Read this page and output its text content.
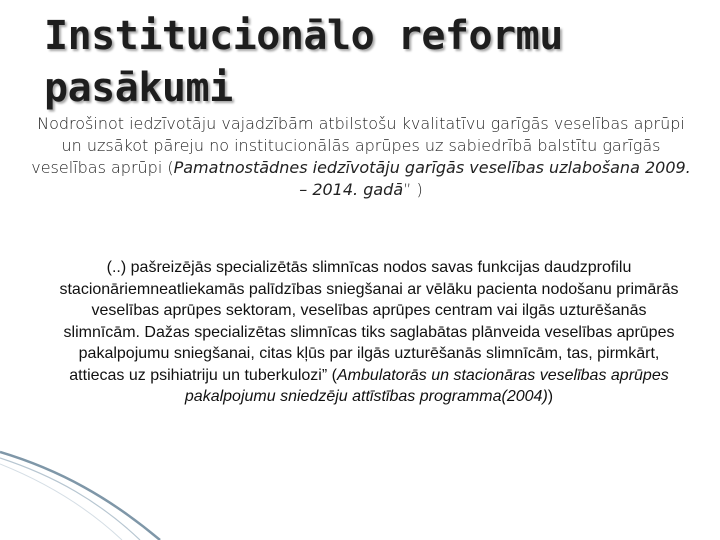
Institucionālo reformu pasākumi

Nodrošinot iedzīvotāju vajadzībām atbilstošu kvalitatīvu garīgās veselības aprūpi un uzsākot pāreju no institucionālās aprūpes uz sabiedrībā balstītu garīgās veselības aprūpi (Pamatnostādnes iedzīvotāju garīgās veselības uzlabošana 2009. – 2014. gadā” )

(..) pašreizējās specializētās slimnīcas nodos savas funkcijas daudzprofilu stacionāriemneatliekamās palīdzības sniegšanai ar vēlāku pacienta nodošanu primārās veselības aprūpes sektoram, veselības aprūpes centram vai ilgās uzturēšanās slimnīcām. Dažas specializētas slimnīcas tiks saglabātas plānveida veselības aprūpes pakalpojumu sniegšanai, citas kļūs par ilgās uzturēšanās slimnīcām, tas, pirmkārt, attiecas uz psihiatriju un tuberkulozi” (Ambulatorās un stacionāras veselības aprūpes pakalpojumu sniedzēju attīstības programma(2004))
